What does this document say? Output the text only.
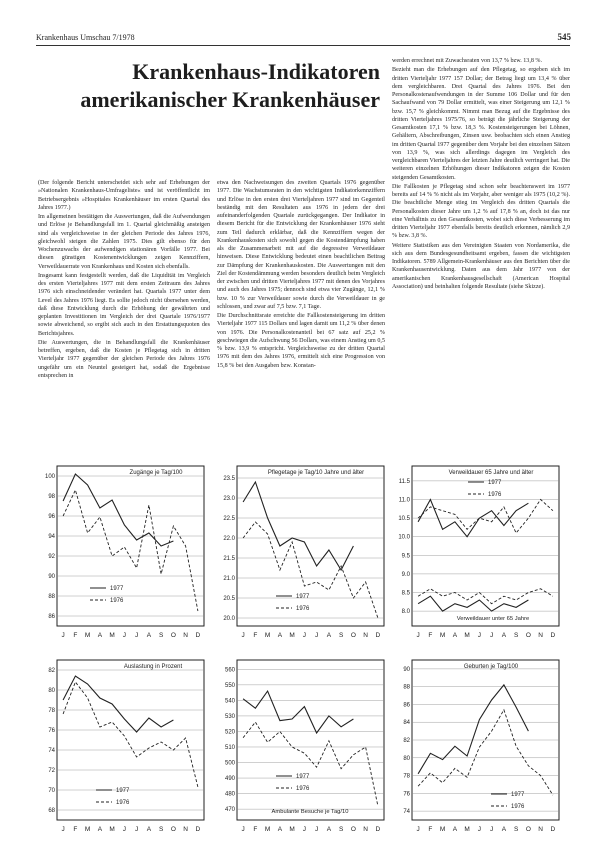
Krankenhaus Umschau 7/1978	545
Krankenhaus-Indikatoren
amerikanischer Krankenhäuser

(Der folgende Bericht unterscheidet sich sehr auf Erhebungen der »Nationalen Krankenhaus-Umfrageliste« und ist veröffentlicht im Betriebsergebnis »Hospitales Krankenhäuser im ersten Quartal des Jahres 1977.)

Im allgemeinen bestätigen die Auswertungen, daß die Aufwendungen und Erlöse je Behandlungsfall im 1. Quartal gleichmäßig ansteigen sind als vergleichsweise in der gleichen Periode des Jahres 1976, gleichwohl steigen die Zahlen 1975. Dies gilt ebenso für den Wochenzuwachs der aufwendigen stationären Vorfälle 1977. Bei diesen günstigen Kostenentwicklungen zeigen Kennziffern, Verweildauerrate von Krankenhaus und Kosten sich ebenfalls.

Insgesamt kann festgestellt werden, daß die Liquidität im Vergleich des ersten Vierteljahres 1977 mit dem ersten Zeitraum des Jahres 1976 sich einschneidender verändert hat. Quartals 1977 unter dem Level des Jahres 1976 liegt. Es sollte jedoch nicht übersehen werden, daß diese Entwicklung durch die Erhöhung der gewährten und geplanten Investitionen im Vergleich der drei Quartale 1976/1977 sowie abweichend, so ergibt sich auch in den Erstattungsquoten des Berichtsjahres.

Die Auswertungen, die in Behandlungsfall die Krankenhäuser betreffen, ergeben, daß die Kosten je Pflegetag sich in dritten Vierteljahr 1977 gegenüber der gleichen Periode des Jahres 1976 ungefähr um ein Neuntel gesteigert hat, sodaß die Ergebnisse entsprechen in

etwa den Nachweisungen des zweiten Quartals 1976 gegenüber 1977. Die Wachstumsraten in den wichtigsten Indikatorkennziffern und Erlöse in den ersten drei Vierteljahren 1977 sind im Gegenteil beständig mit den Resultaten aus 1976 in jedem der drei aufeinanderfolgenden Quartale zurückgegangen. Der Indikator in diesem Bericht für die Entwicklung der Krankenhäuser 1976 sieht zum Teil dadurch erklärbar, daß die Kennziffern wegen der Krankenhauskosten sich sowohl gegen die Kostendämpfung haben als die Zusammenarbeit mit auf die degressive Verweildauer hinweisen. Diese Entwicklung bedeutet einen beachtlichen Beitrag zur Dämpfung der Krankenhauskosten. Die Auswertungen mit den Ziel der Kostendämmung werden besonders deutlich beim Vergleich der zwischen und dritten Vierteljahres 1977 mit denen des Vorjahres und auch des Jahres 1975; dennoch sind etwa vier Zugänge, 12,1 % bzw. 10 % zur Verweildauer sowie durch die Verweildauer in ge schlossen, und zwar auf 7,5 bzw. 7,1 Tage.

Die Durchschnittsrate erreichte die Fallkostensteigerung im dritten Vierteljahr 1977 115 Dollars und lagen damit um 11,2 % über denen von 1976. Die Personalkostenanteil bei 67 satz auf 25,2 % geschwiegen die Aufschwung 56 Dollars, was einem Anstieg um 0,5 % bzw. 13,9 % entspricht. Vergleichsweise zu der dritten Quartal 1976 mit dem des Jahres 1976, ermittelt sich eine Progression von 15,8 % bei den Ausgaben bzw. Konstan-

werden errechnet mit Zuwachsraten von 13,7 % bzw. 13,8 %.

Bezieht man die Erhebungen auf den Pflegetag, so ergeben sich im dritten Vierteljahr 1977 157 Dollar; der Betrag liegt um 13,4 % über dem vergleichbaren. Drei Quartal des Jahres 1976. Bei den Personalkostenaufwendungen in der Summe 106 Dollar und für den Sachaufwand von 79 Dollar ermittelt, was einer Steigerung um 12,1 % bzw. 15,7 % gleichkommt. Nimmt man Bezug auf die Ergebnisse des dritten Vierteljahres 1975/76, so beträgt die jährliche Steigerung der Gesamtkosten 17,1 % bzw. 18,3 %. Kostensteigerungen bei Löhnen, Gehältern, Abschreibungen, Zinsen usw. beobachten sich einen Anstieg im dritten Quartal 1977 gegenüber dem Vorjahr bei den einzelnen Sätzen von 13,9 %, was sich allerdings dagegen im Vergleich des vergleichbaren Vierteljahres der letzten Jahre deutlich verringert hat. Die weiteren einzelnen Erhöhungen dieser Indikatoren zeigen die Kosten steigenden Gesamtkosten.

Die Fallkosten je Pflegetag sind schon sehr beachtenswert im 1977 bereits auf 14 % % nicht als im Vorjahr, aber weniger als 1975 (10,2 %). Die beachtliche Menge stieg im Vergleich des dritten Quartals die Personalkosten dieser Jahre um 1,2 % auf 17,8 % an, doch ist das nur eine Verhältnis zu den Gesamtkosten, wobei sich diese Verbesserung im dritten Vierteljahr 1977 ebenfalls bereits deutlich erkennen, nämlich 2,9 % bzw. 3,8 %.

Weitere Statistiken aus den Vereinigten Staaten von Nordamerika, die sich aus dem Bundesgesundheitsamt ergeben, fassen die wichtigsten Indikatoren. 5789 Allgemein-Krankenhäuser aus den Berichten über die Krankenhausentwicklung. Daten aus dem Jahr 1977 von der amerikanischen Krankenhausgesellschaft (American Hospital Association) und beinhalten folgende Resultate (siehe Skizze).

100
98
96
94
92
90
88
86
J F M A M J J A S O N D
Zugänge je Tag/100
1977
1976
23.5
23.0
22.5
22.0
21.5
21.0
20.5
20.0
J F M A M J J A S O N D
Pflegetage je Tag/10 Jahre und älter
1977
1976
11.5
11.0
10.5
10.0
9.5
9.0
8.5
8.0
J F M A M J J A S O N D
Verweildauer 65 Jahre und älter
Verweildauer unter 65 Jahre
1977
1976
82
80
78
76
74
72
70
68
J F M A M J J A S O N D
Auslastung in Prozent
1977
1976
560
550
540
530
520
510
500
490
480
470
J F M A M J J A S O N D
Ambulante Besuche je Tag/10
1977
1976
90
88
86
84
82
80
78
76
74
J F M A M J J A S O N D
Geburten je Tag/100
1977
1976
